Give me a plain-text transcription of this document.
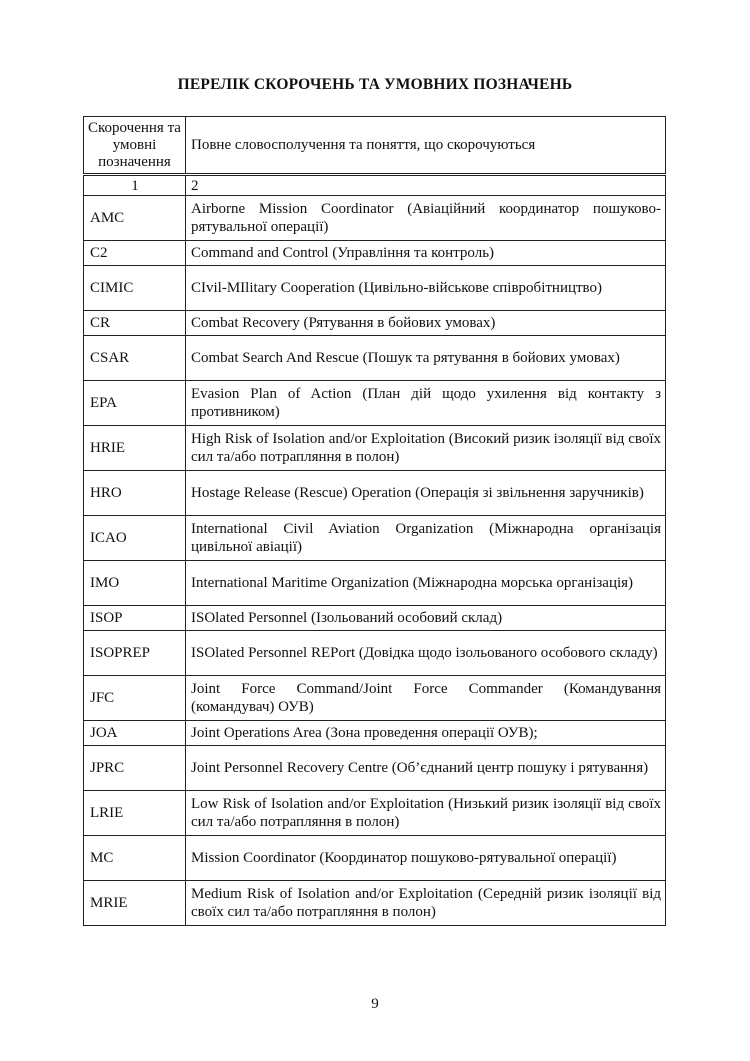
ПЕРЕЛІК СКОРОЧЕНЬ ТА УМОВНИХ ПОЗНАЧЕНЬ
Скорочення та умовні позначення	Повне словосполучення та поняття, що скорочуються
1	2
AMC	Airborne Mission Coordinator (Авіаційний координатор пошуково-рятувальної операції)
C2	Command and Control (Управління та контроль)
CIMIC	CIvil-MIlitary Cooperation (Цивільно-військове співробітництво)
CR	Combat Recovery (Рятування в бойових умовах)
CSAR	Combat Search And Rescue (Пошук та рятування в бойових умовах)
EPA	Evasion Plan of Action (План дій щодо ухилення від контакту з противником)
HRIE	High Risk of Isolation and/or Exploitation (Високий ризик ізоляції від своїх сил та/або потрапляння в полон)
HRO	Hostage Release (Rescue) Operation (Операція зі звільнення заручників)
ICAO	International Civil Aviation Organization (Міжнародна організація цивільної авіації)
IMO	International Maritime Organization (Міжнародна морська організація)
ISOP	ISOlated Personnel (Ізольований особовий склад)
ISOPREP	ISOlated Personnel REPort (Довідка щодо ізольованого особового складу)
JFC	Joint Force Command/Joint Force Commander (Командування (командувач) ОУВ)
JOA	Joint Operations Area (Зона проведення операції ОУВ);
JPRC	Joint Personnel Recovery Centre (Об’єднаний центр пошуку і рятування)
LRIE	Low Risk of Isolation and/or Exploitation (Низький ризик ізоляції від своїх сил та/або потрапляння в полон)
MC	Mission Coordinator (Координатор пошуково-рятувальної операції)
MRIE	Medium Risk of Isolation and/or Exploitation (Середній ризик ізоляції від своїх сил та/або потрапляння в полон)
9
